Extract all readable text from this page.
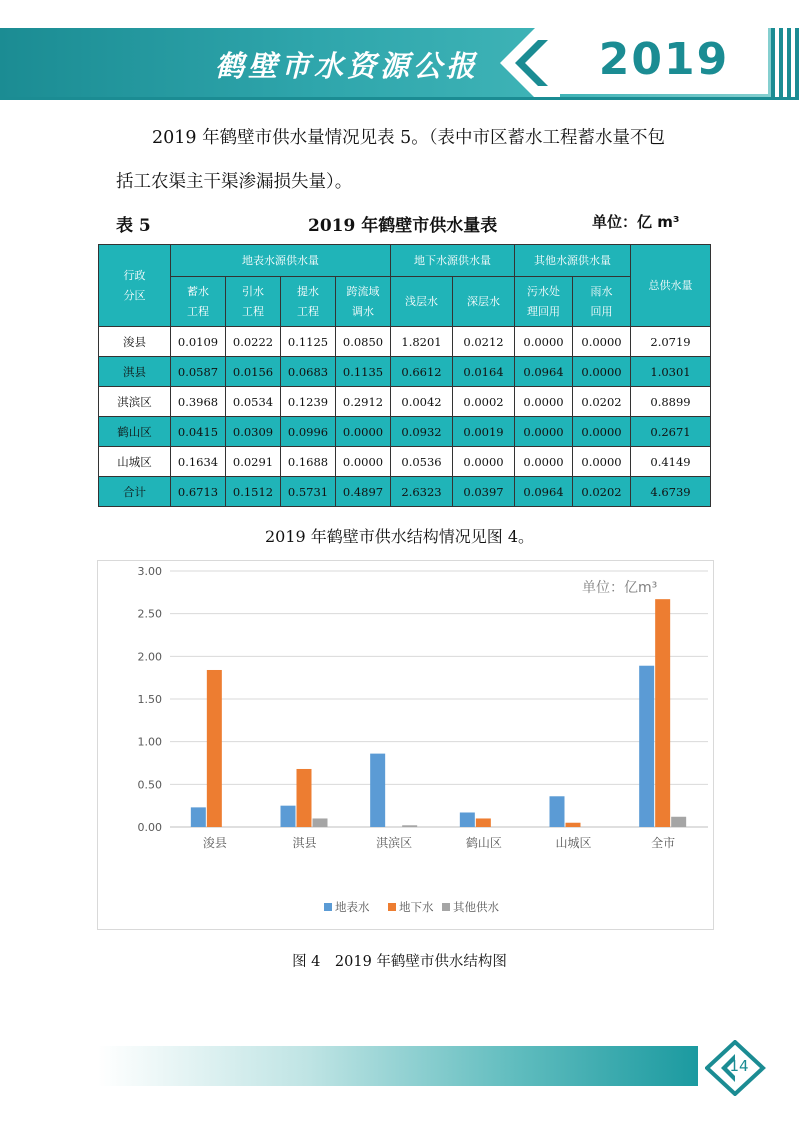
鹤壁市水资源公报	2019
2019 年鹤壁市供水量情况见表 5。（表中市区蓄水工程蓄水量不包
括工农渠主干渠渗漏损失量）。
表 5	2019 年鹤壁市供水量表	单位：亿 m³
行政
分区	地表水源供水量				地下水源供水量		其他水源供水量		总供水量
	蓄水
工程	引水
工程	提水
工程	跨流域
调水	浅层水	深层水	污水处
理回用	雨水
回用	
浚县	0.0109	0.0222	0.1125	0.0850	1.8201	0.0212	0.0000	0.0000	2.0719
淇县	0.0587	0.0156	0.0683	0.1135	0.6612	0.0164	0.0964	0.0000	1.0301
淇滨区	0.3968	0.0534	0.1239	0.2912	0.0042	0.0002	0.0000	0.0202	0.8899
鹤山区	0.0415	0.0309	0.0996	0.0000	0.0932	0.0019	0.0000	0.0000	0.2671
山城区	0.1634	0.0291	0.1688	0.0000	0.0536	0.0000	0.0000	0.0000	0.4149
合计	0.6713	0.1512	0.5731	0.4897	2.6323	0.0397	0.0964	0.0202	4.6739
2019 年鹤壁市供水结构情况见图 4。
0.00
0.50
1.00
1.50
2.00
2.50
3.00
单位：亿m³
浚县	淇县	淇滨区	鹤山区	山城区	全市
地表水	地下水 其他供水
图 4　2019 年鹤壁市供水结构图
14
